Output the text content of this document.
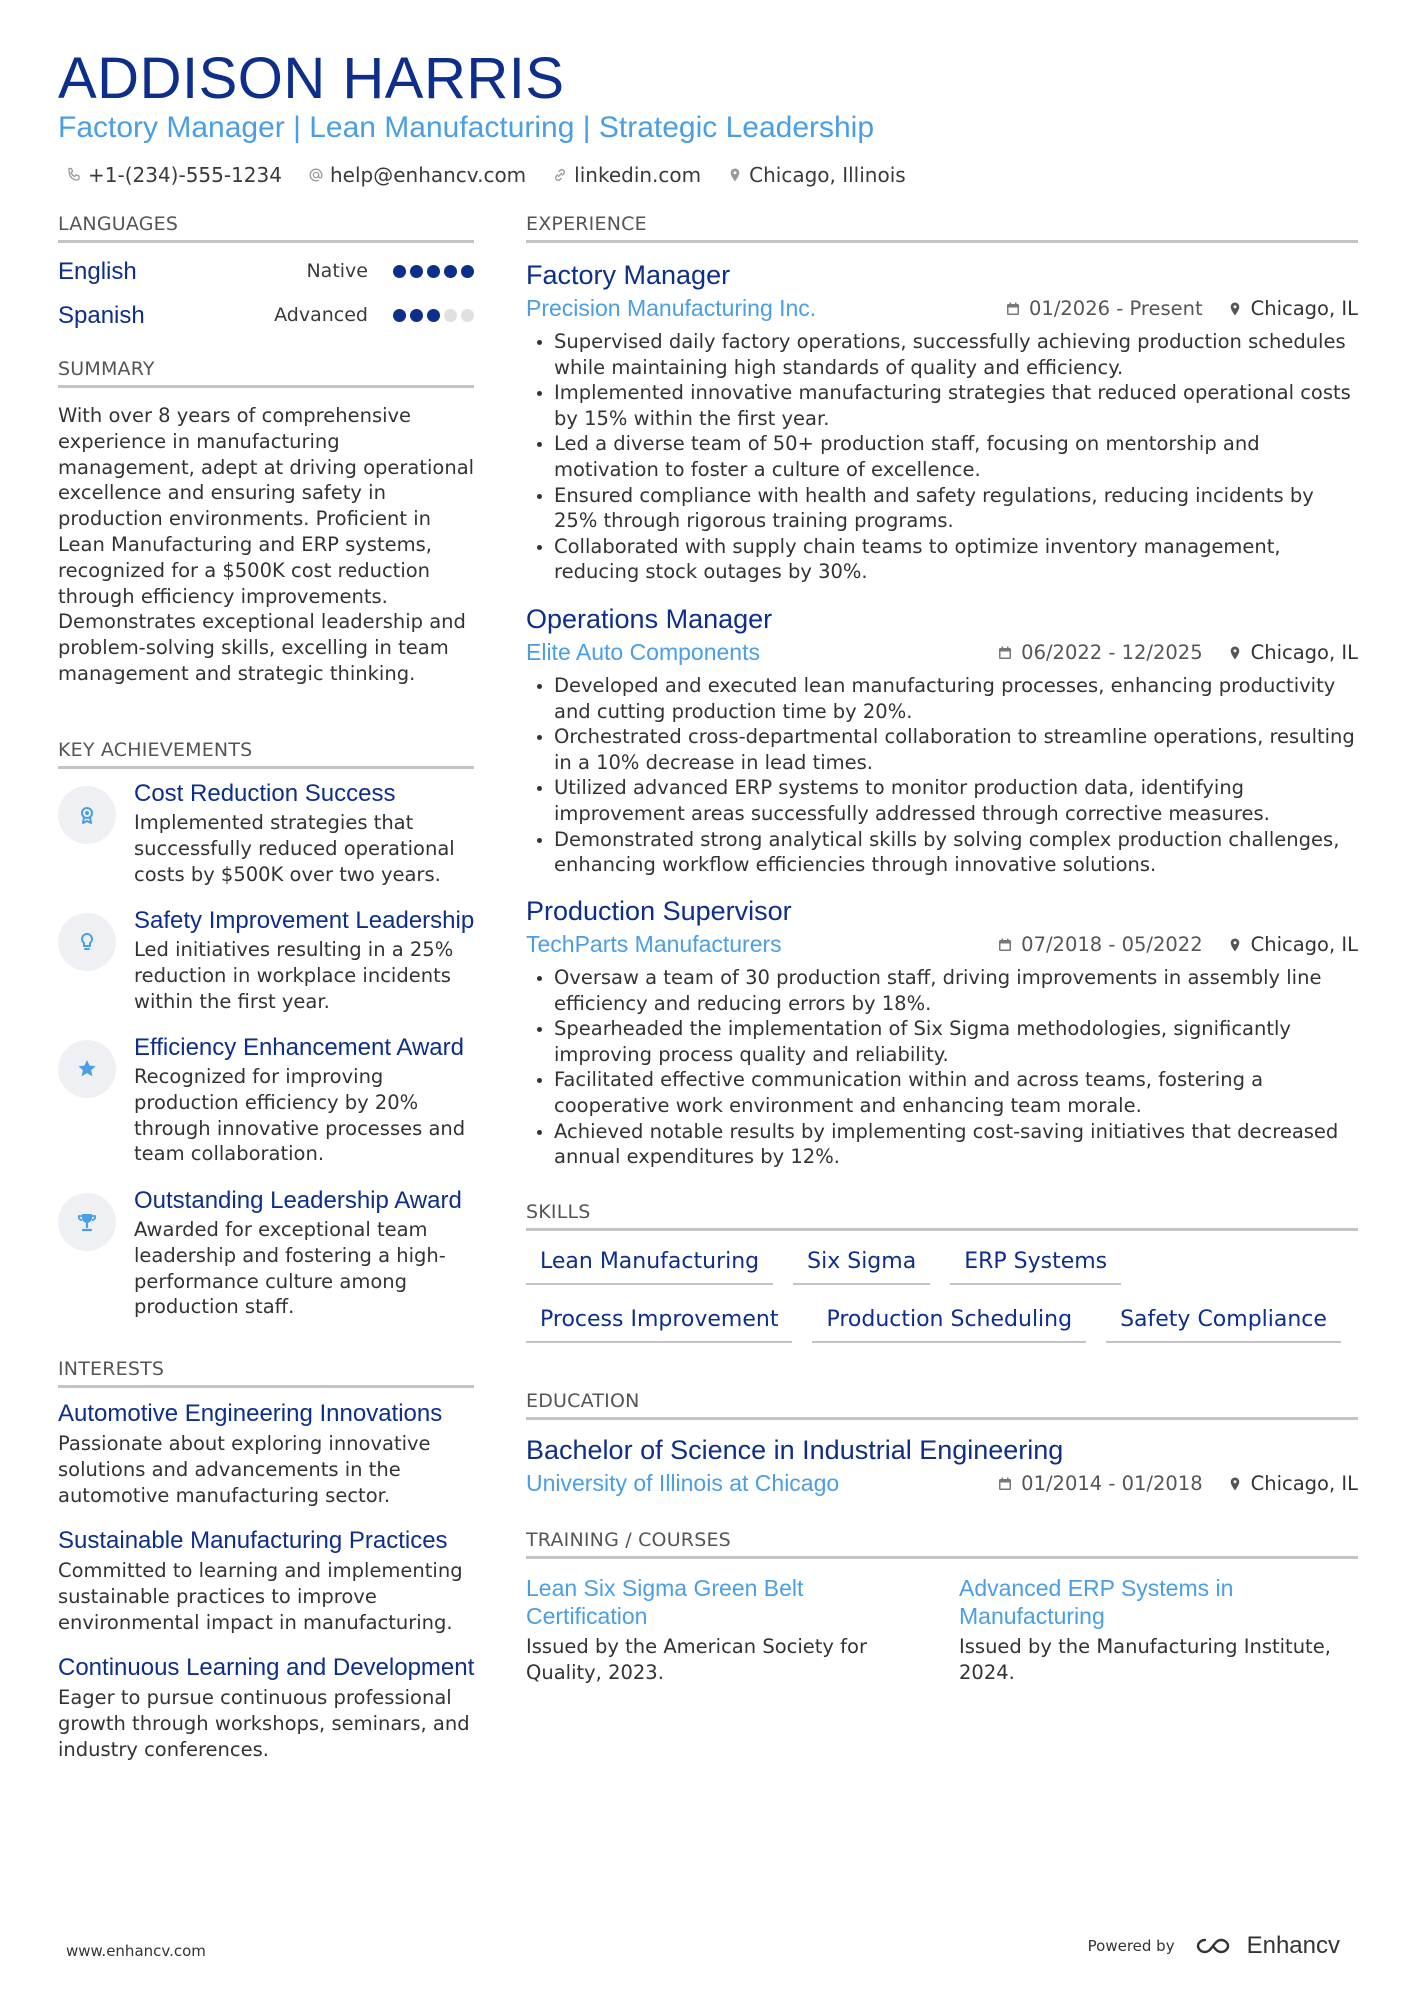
ADDISON HARRIS
Factory Manager | Lean Manufacturing | Strategic Leadership
+1-(234)-555-1234 help@enhancv.com linkedin.com Chicago, Illinois
LANGUAGES
English	Native
Spanish	Advanced
SUMMARY
With over 8 years of comprehensive experience in manufacturing management, adept at driving operational excellence and ensuring safety in production environments. Proficient in Lean Manufacturing and ERP systems, recognized for a $500K cost reduction through efficiency improvements. Demonstrates exceptional leadership and problem-solving skills, excelling in team management and strategic thinking.
KEY ACHIEVEMENTS
Cost Reduction Success
Implemented strategies that successfully reduced operational costs by $500K over two years.
Safety Improvement Leadership
Led initiatives resulting in a 25% reduction in workplace incidents within the first year.
Efficiency Enhancement Award
Recognized for improving production efficiency by 20% through innovative processes and team collaboration.
Outstanding Leadership Award
Awarded for exceptional team leadership and fostering a high-performance culture among production staff.
INTERESTS
Automotive Engineering Innovations
Passionate about exploring innovative solutions and advancements in the automotive manufacturing sector.
Sustainable Manufacturing Practices
Committed to learning and implementing sustainable practices to improve environmental impact in manufacturing.
Continuous Learning and Development
Eager to pursue continuous professional growth through workshops, seminars, and industry conferences.
EXPERIENCE
Factory Manager
Precision Manufacturing Inc.	01/2026 - Present Chicago, IL
Supervised daily factory operations, successfully achieving production schedules while maintaining high standards of quality and efficiency.
Implemented innovative manufacturing strategies that reduced operational costs by 15% within the first year.
Led a diverse team of 50+ production staff, focusing on mentorship and motivation to foster a culture of excellence.
Ensured compliance with health and safety regulations, reducing incidents by 25% through rigorous training programs.
Collaborated with supply chain teams to optimize inventory management, reducing stock outages by 30%.
Operations Manager
Elite Auto Components	06/2022 - 12/2025 Chicago, IL
Developed and executed lean manufacturing processes, enhancing productivity and cutting production time by 20%.
Orchestrated cross-departmental collaboration to streamline operations, resulting in a 10% decrease in lead times.
Utilized advanced ERP systems to monitor production data, identifying improvement areas successfully addressed through corrective measures.
Demonstrated strong analytical skills by solving complex production challenges, enhancing workflow efficiencies through innovative solutions.
Production Supervisor
TechParts Manufacturers	07/2018 - 05/2022 Chicago, IL
Oversaw a team of 30 production staff, driving improvements in assembly line efficiency and reducing errors by 18%.
Spearheaded the implementation of Six Sigma methodologies, significantly improving process quality and reliability.
Facilitated effective communication within and across teams, fostering a cooperative work environment and enhancing team morale.
Achieved notable results by implementing cost-saving initiatives that decreased annual expenditures by 12%.
SKILLS
Lean Manufacturing	Six Sigma	ERP Systems
Process Improvement	Production Scheduling	Safety Compliance
EDUCATION
Bachelor of Science in Industrial Engineering
University of Illinois at Chicago	01/2014 - 01/2018 Chicago, IL
TRAINING / COURSES
Lean Six Sigma Green Belt Certification
Issued by the American Society for Quality, 2023.
Advanced ERP Systems in Manufacturing
Issued by the Manufacturing Institute, 2024.
www.enhancv.com	Powered by	Enhancv
